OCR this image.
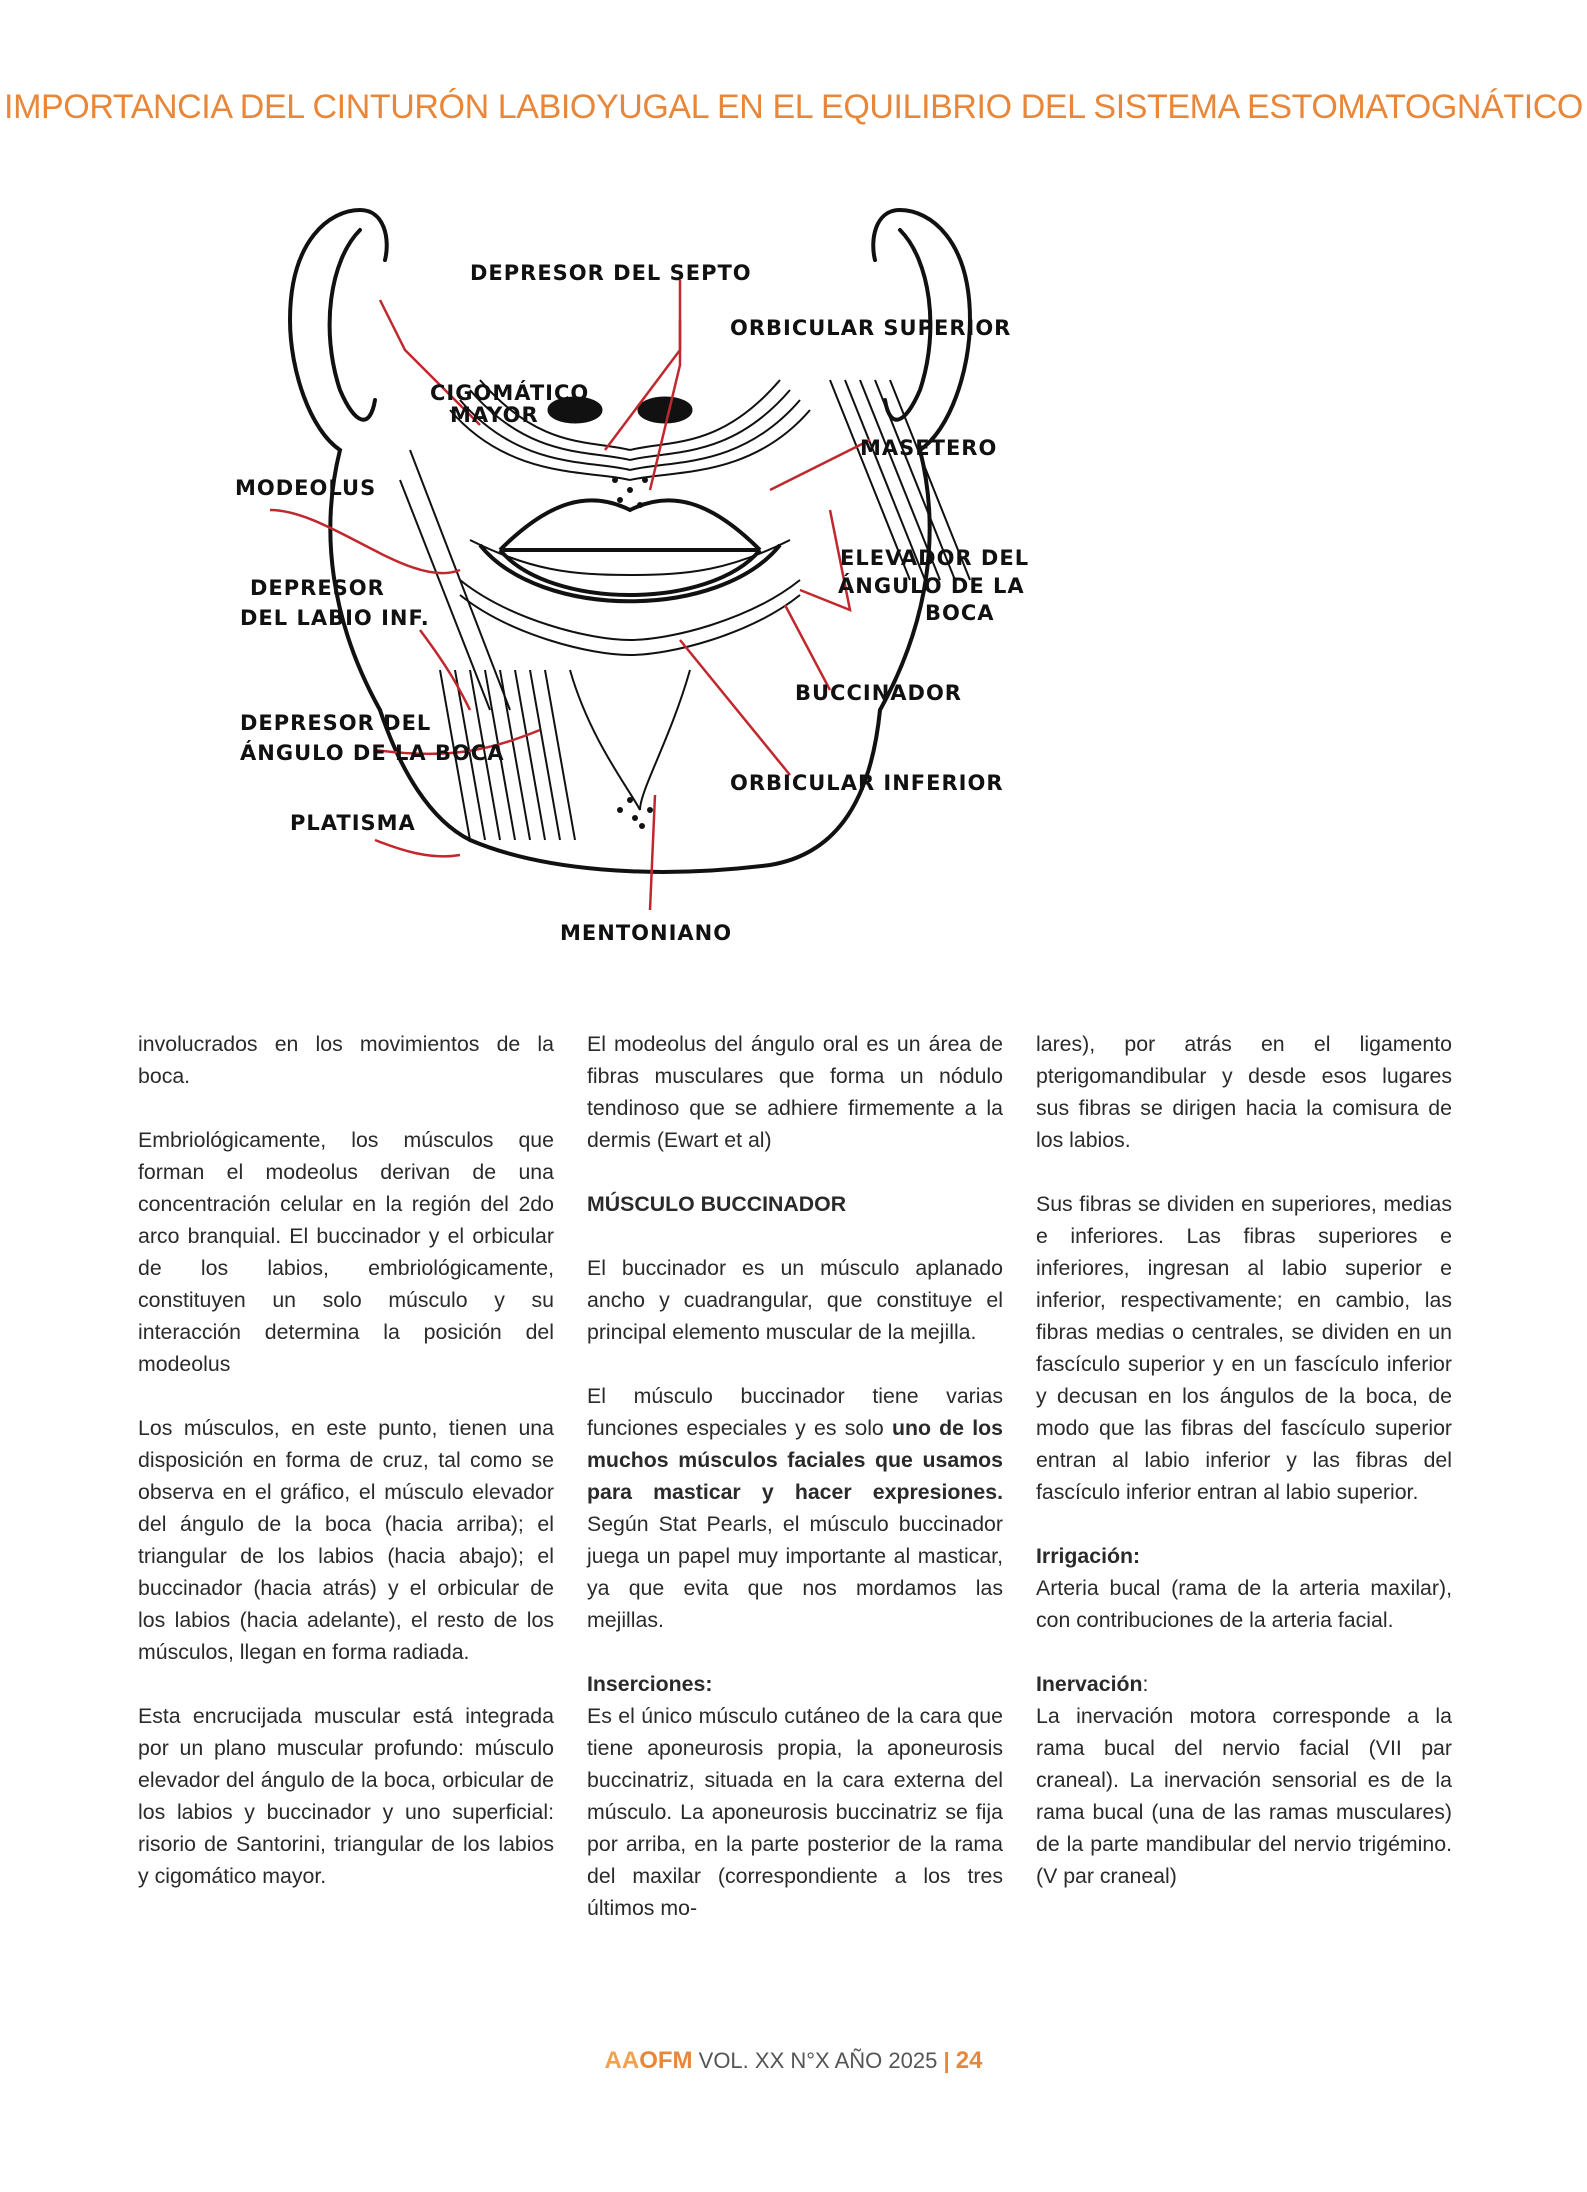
IMPORTANCIA DEL CINTURÓN LABIOYUGAL EN EL EQUILIBRIO DEL SISTEMA ESTOMATOGNÁTICO
DEPRESOR DEL SEPTO
ORBICULAR SUPERIOR
CIGOMÁTICO
MAYOR
MODEOLUS
MASETERO
DEPRESOR
DEL LABIO INF.
ELEVADOR DEL
ÁNGULO DE LA
BOCA
BUCCINADOR
DEPRESOR DEL
ÁNGULO DE LA BOCA
ORBICULAR INFERIOR
PLATISMA
MENTONIANO

involucrados en los movimientos de la boca.

Embriológicamente, los músculos que forman el modeolus derivan de una concentración celular en la región del 2do arco branquial. El buccinador y el orbicular de los labios, embriológicamente, constituyen un solo músculo y su interacción determina la posición del modeolus

Los músculos, en este punto, tienen una disposición en forma de cruz, tal como se observa en el gráfico, el músculo elevador del ángulo de la boca (hacia arriba); el triangular de los labios (hacia abajo); el buccinador (hacia atrás) y el orbicular de los labios (hacia adelante), el resto de los músculos, llegan en forma radiada.

Esta encrucijada muscular está integrada por un plano muscular profundo: músculo elevador del ángulo de la boca, orbicular de los labios y buccinador y uno superficial: risorio de Santorini, triangular de los labios y cigomático mayor.

El modeolus del ángulo oral es un área de fibras musculares que forma un nódulo tendinoso que se adhiere firmemente a la dermis (Ewart et al)

MÚSCULO BUCCINADOR

El buccinador es un músculo aplanado ancho y cuadrangular, que constituye el principal elemento muscular de la mejilla.

El músculo buccinador tiene varias funciones especiales y es solo uno de los muchos músculos faciales que usamos para masticar y hacer expresiones. Según Stat Pearls, el músculo buccinador juega un papel muy importante al masticar, ya que evita que nos mordamos las mejillas.

Inserciones:

Es el único músculo cutáneo de la cara que tiene aponeurosis propia, la aponeurosis buccinatriz, situada en la cara externa del músculo. La aponeurosis buccinatriz se fija por arriba, en la parte posterior de la rama del maxilar (correspondiente a los tres últimos mo-

lares), por atrás en el ligamento pterigomandibular y desde esos lugares sus fibras se dirigen hacia la comisura de los labios.

Sus fibras se dividen en superiores, medias e inferiores. Las fibras superiores e inferiores, ingresan al labio superior e inferior, respectivamente; en cambio, las fibras medias o centrales, se dividen en un fascículo superior y en un fascículo inferior y decusan en los ángulos de la boca, de modo que las fibras del fascículo superior entran al labio inferior y las fibras del fascículo inferior entran al labio superior.

Irrigación:

Arteria bucal (rama de la arteria maxilar), con contribuciones de la arteria facial.

Inervación:

La inervación motora corresponde a la rama bucal del nervio facial (VII par craneal). La inervación sensorial es de la rama bucal (una de las ramas musculares) de la parte mandibular del nervio trigémino. (V par craneal)

AAOFM VOL. XX N°X AÑO 2025 | 24
